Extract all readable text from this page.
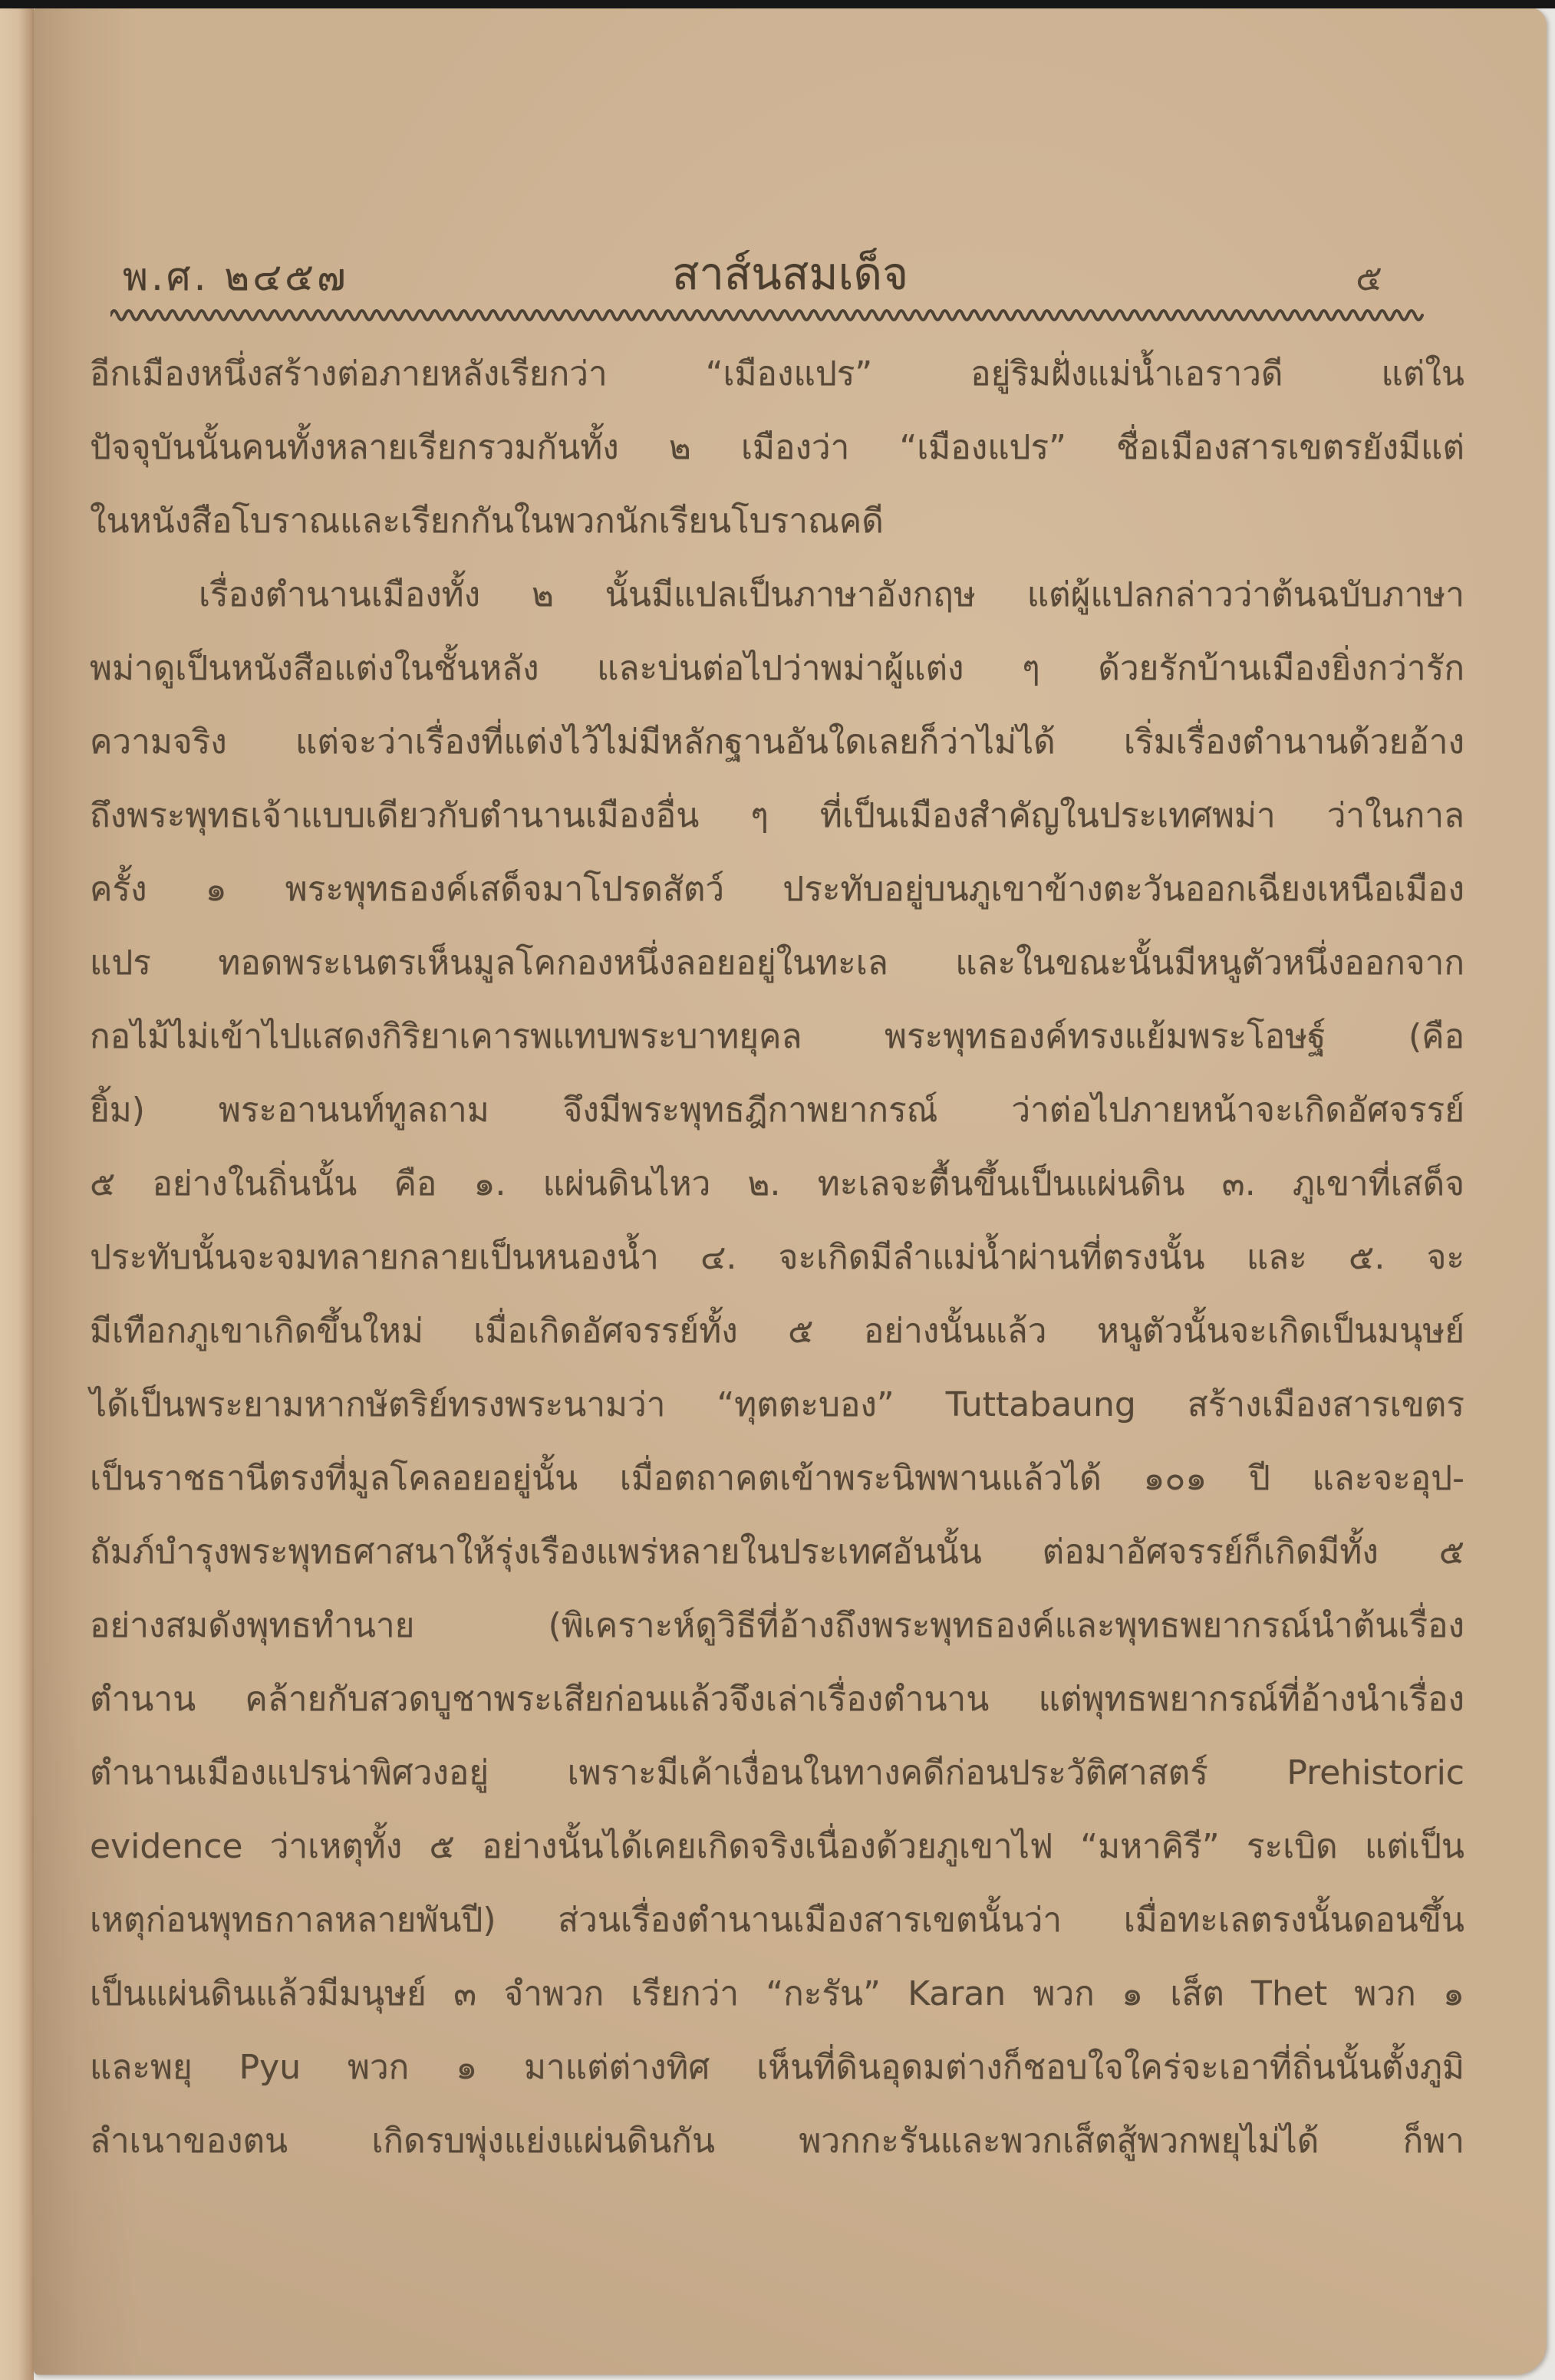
พ.ศ. ๒๔๕๗	สาส์นสมเด็จ	๕
อีกเมืองหนึ่งสร้างต่อภายหลังเรียกว่า “เมืองแปร” อยู่ริมฝั่งแม่น้ำเอราวดี แต่ใน
ปัจจุบันนั้นคนทั้งหลายเรียกรวมกันทั้ง ๒ เมืองว่า “เมืองแปร” ชื่อเมืองสารเขตรยังมีแต่
ในหนังสือโบราณและเรียกกันในพวกนักเรียนโบราณคดี
เรื่องตำนานเมืองทั้ง ๒ นั้นมีแปลเป็นภาษาอังกฤษ แต่ผู้แปลกล่าวว่าต้นฉบับภาษา
พม่าดูเป็นหนังสือแต่งในชั้นหลัง และบ่นต่อไปว่าพม่าผู้แต่ง ๆ ด้วยรักบ้านเมืองยิ่งกว่ารัก
ความจริง แต่จะว่าเรื่องที่แต่งไว้ไม่มีหลักฐานอันใดเลยก็ว่าไม่ได้ เริ่มเรื่องตำนานด้วยอ้าง
ถึงพระพุทธเจ้าแบบเดียวกับตำนานเมืองอื่น ๆ ที่เป็นเมืองสำคัญในประเทศพม่า ว่าในกาล
ครั้ง ๑ พระพุทธองค์เสด็จมาโปรดสัตว์ ประทับอยู่บนภูเขาข้างตะวันออกเฉียงเหนือเมือง
แปร ทอดพระเนตรเห็นมูลโคกองหนึ่งลอยอยู่ในทะเล และในขณะนั้นมีหนูตัวหนึ่งออกจาก
กอไม้ไม่เข้าไปแสดงกิริยาเคารพแทบพระบาทยุคล พระพุทธองค์ทรงแย้มพระโอษฐ์ (คือ
ยิ้ม) พระอานนท์ทูลถาม จึงมีพระพุทธฎีกาพยากรณ์ ว่าต่อไปภายหน้าจะเกิดอัศจรรย์
๕ อย่างในถิ่นนั้น คือ ๑. แผ่นดินไหว ๒. ทะเลจะตื้นขึ้นเป็นแผ่นดิน ๓. ภูเขาที่เสด็จ
ประทับนั้นจะจมทลายกลายเป็นหนองน้ำ ๔. จะเกิดมีลำแม่น้ำผ่านที่ตรงนั้น และ ๕. จะ
มีเทือกภูเขาเกิดขึ้นใหม่ เมื่อเกิดอัศจรรย์ทั้ง ๕ อย่างนั้นแล้ว หนูตัวนั้นจะเกิดเป็นมนุษย์
ได้เป็นพระยามหากษัตริย์ทรงพระนามว่า “ทุตตะบอง” Tuttabaung สร้างเมืองสารเขตร
เป็นราชธานีตรงที่มูลโคลอยอยู่นั้น เมื่อตถาคตเข้าพระนิพพานแล้วได้ ๑๐๑ ปี และจะอุป-
ถัมภ์บำรุงพระพุทธศาสนาให้รุ่งเรืองแพร่หลายในประเทศอันนั้น ต่อมาอัศจรรย์ก็เกิดมีทั้ง ๕
อย่างสมดังพุทธทำนาย (พิเคราะห์ดูวิธีที่อ้างถึงพระพุทธองค์และพุทธพยากรณ์นำต้นเรื่อง
ตำนาน คล้ายกับสวดบูชาพระเสียก่อนแล้วจึงเล่าเรื่องตำนาน แต่พุทธพยากรณ์ที่อ้างนำเรื่อง
ตำนานเมืองแปรน่าพิศวงอยู่ เพราะมีเค้าเงื่อนในทางคดีก่อนประวัติศาสตร์ Prehistoric
evidence ว่าเหตุทั้ง ๕ อย่างนั้นได้เคยเกิดจริงเนื่องด้วยภูเขาไฟ “มหาคิรี” ระเบิด แต่เป็น
เหตุก่อนพุทธกาลหลายพันปี) ส่วนเรื่องตำนานเมืองสารเขตนั้นว่า เมื่อทะเลตรงนั้นดอนขึ้น
เป็นแผ่นดินแล้วมีมนุษย์ ๓ จำพวก เรียกว่า “กะรัน” Karan พวก ๑ เส็ต Thet พวก ๑
และพยุ Pyu พวก ๑ มาแต่ต่างทิศ เห็นที่ดินอุดมต่างก็ชอบใจใคร่จะเอาที่ถิ่นนั้นตั้งภูมิ
ลำเนาของตน เกิดรบพุ่งแย่งแผ่นดินกัน พวกกะรันและพวกเส็ตสู้พวกพยุไม่ได้ ก็พา
